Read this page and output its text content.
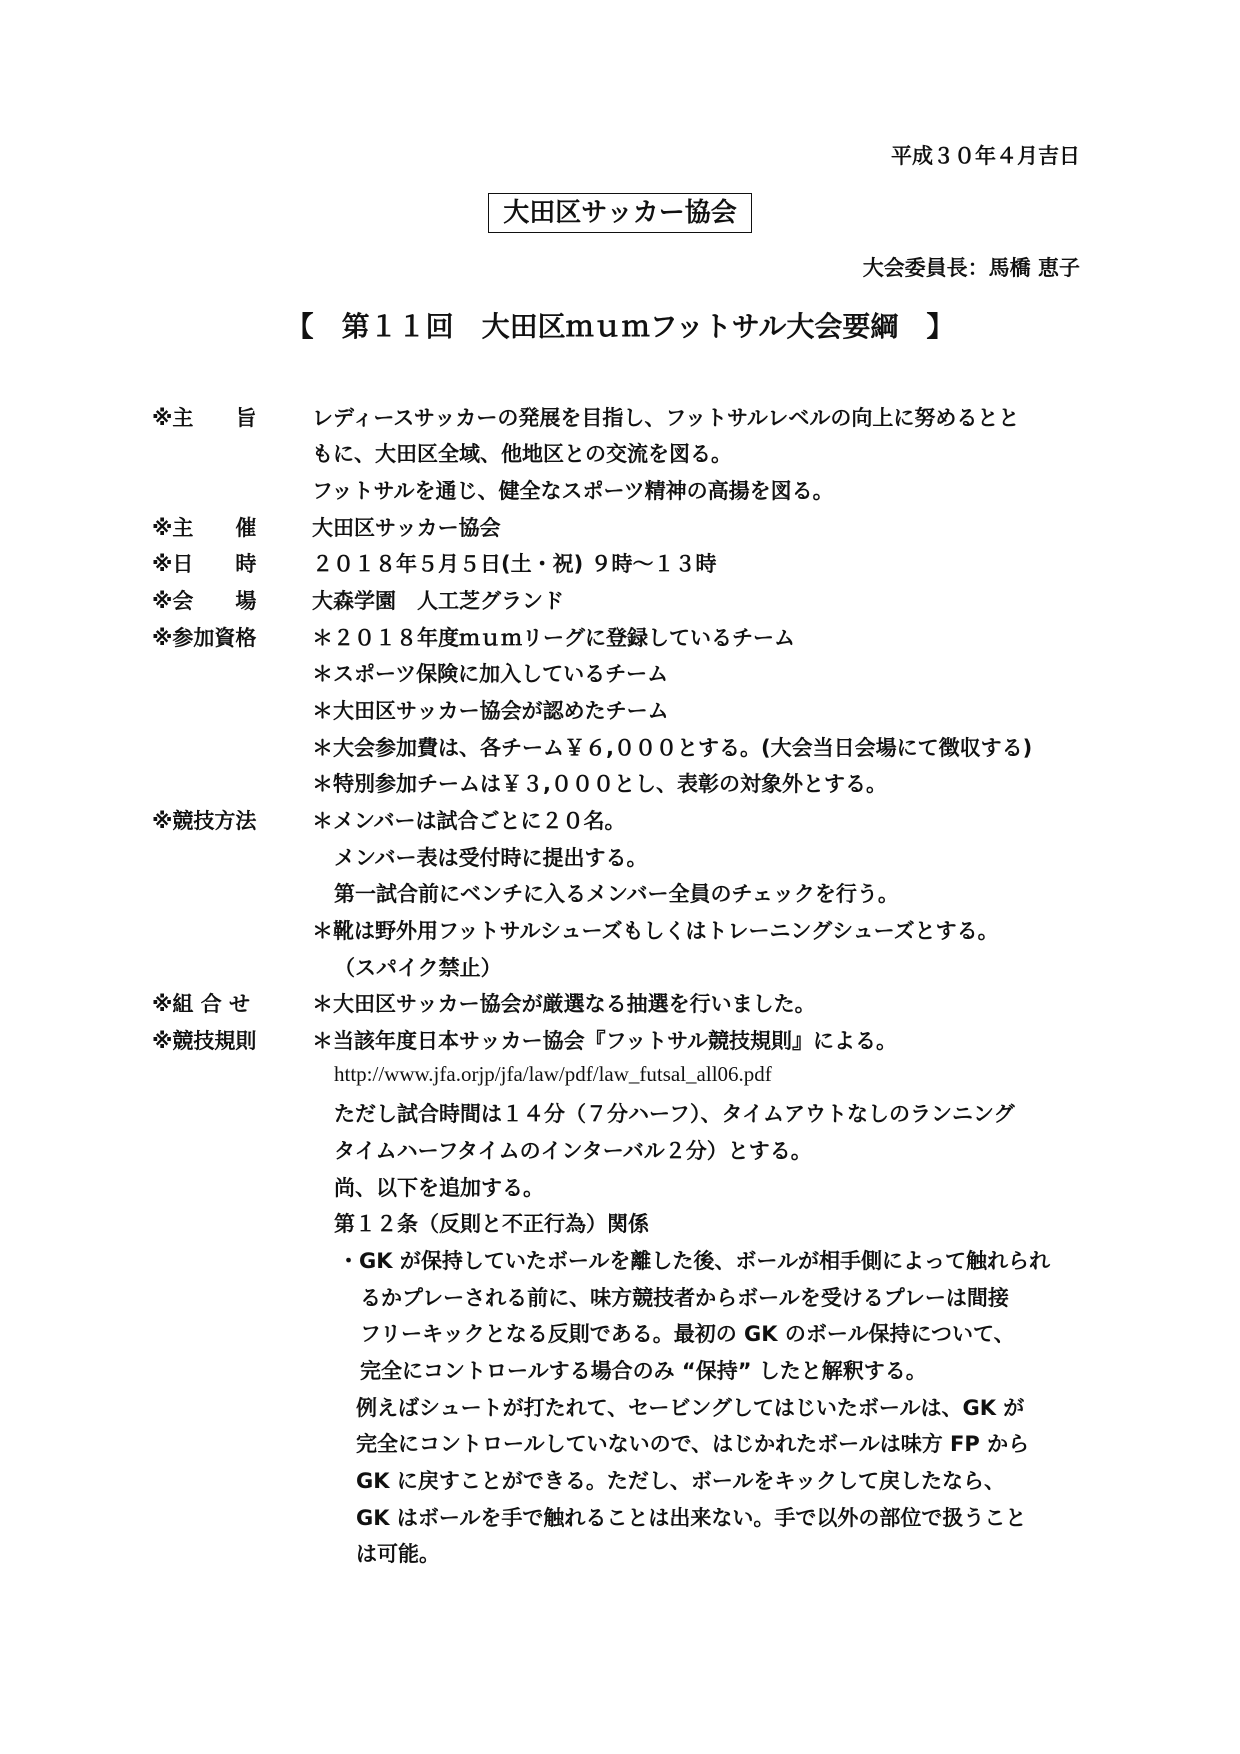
平成３０年４月吉日
大田区サッカー協会
大会委員長：馬橋 恵子
【　第１１回　大田区ｍｕｍフットサル大会要綱　】
※主　　旨	レディースサッカーの発展を目指し、フットサルレベルの向上に努めるとと
もに、大田区全域、他地区との交流を図る。
フットサルを通じ、健全なスポーツ精神の高揚を図る。
※主　　催	大田区サッカー協会
※日　　時	２０１８年５月５日(土・祝) ９時～１３時
※会　　場	大森学園　人工芝グランド
※参加資格	＊２０１８年度ｍｕｍリーグに登録しているチーム
＊スポーツ保険に加入しているチーム
＊大田区サッカー協会が認めたチーム
＊大会参加費は、各チーム￥６,０００とする。(大会当日会場にて徴収する)
＊特別参加チームは￥３,０００とし、表彰の対象外とする。
※競技方法	＊メンバーは試合ごとに２０名。
メンバー表は受付時に提出する。
第一試合前にベンチに入るメンバー全員のチェックを行う。
＊靴は野外用フットサルシューズもしくはトレーニングシューズとする。
（スパイク禁止）
※組 合 せ	＊大田区サッカー協会が厳選なる抽選を行いました。
※競技規則	＊当該年度日本サッカー協会『フットサル競技規則』による。
http://www.jfa.orjp/jfa/law/pdf/law_futsal_all06.pdf
ただし試合時間は１４分（７分ハーフ）、タイムアウトなしのランニング
タイムハーフタイムのインターバル２分）とする。
尚、以下を追加する。
第１２条（反則と不正行為）関係
・GK が保持していたボールを離した後、ボールが相手側によって触れられ
るかプレーされる前に、味方競技者からボールを受けるプレーは間接
フリーキックとなる反則である。最初の GK のボール保持について、
完全にコントロールする場合のみ “保持” したと解釈する。
例えばシュートが打たれて、セービングしてはじいたボールは、GK が
完全にコントロールしていないので、はじかれたボールは味方 FP から
GK に戻すことができる。ただし、ボールをキックして戻したなら、
GK はボールを手で触れることは出来ない。手で以外の部位で扱うこと
は可能。
